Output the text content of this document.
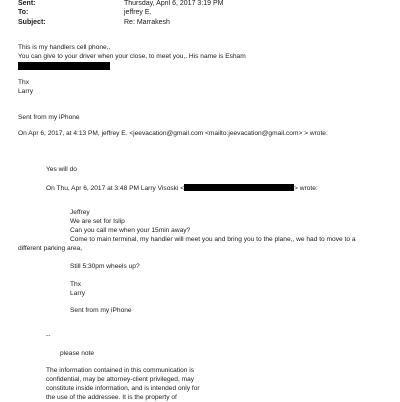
Sent:	Thursday, April 6, 2017 3:19 PM
To:	jeffrey E.
Subject:	Re: Marrakesh
This is my handlers cell phone,.
You can give to your driver when your close, to meet you,. His name is Esham
Thx
Larry
Sent from my iPhone
On Apr 6, 2017, at 4:13 PM, jeffrey E. <jeevacation@gmail.com <mailto:jeevacation@gmail.com> > wrote:
Yes will do
On Thu, Apr 6, 2017 at 3:48 PM Larry Visoski <	> wrote:
Jeffrey
We are set for Islip
Can you call me when your 15min away?
Come to main terminal, my handler will meet you and bring you to the plane,, we had to move to a
different parking area,
Still 5:30pm wheels up?
Thx
Larry
Sent from my iPhone
--
please note
The information contained in this communication is
confidential, may be attorney-client privileged, may
constitute inside information, and is intended only for
the use of the addressee. It is the property of
